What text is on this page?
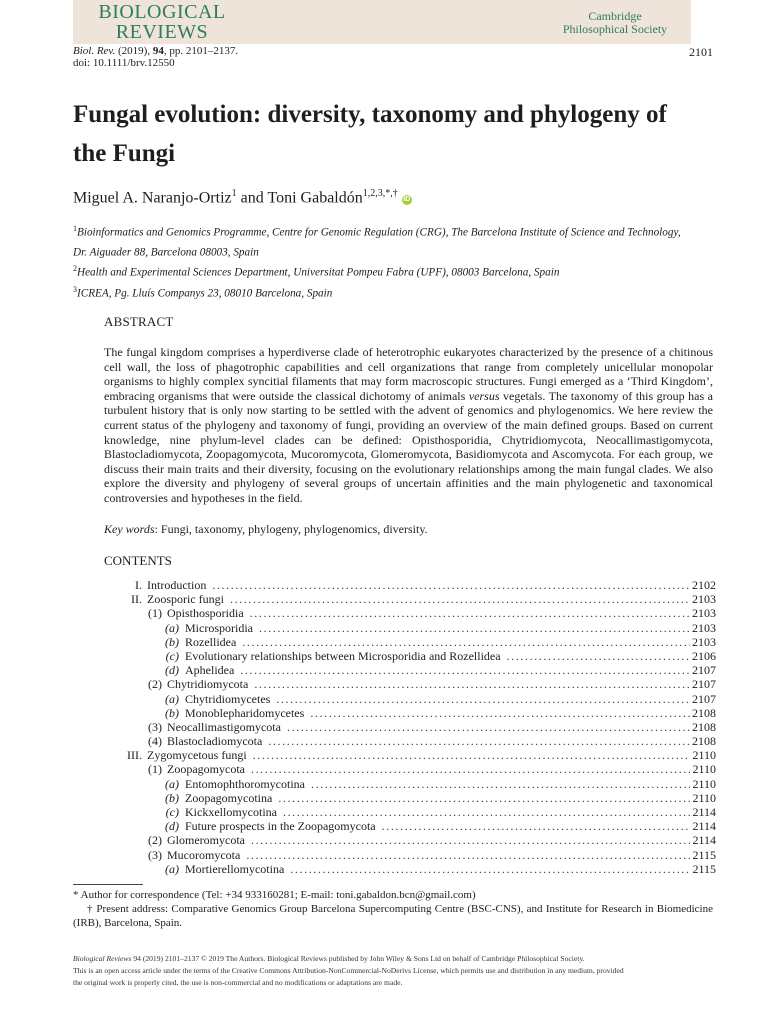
BIOLOGICAL
REVIEWS
Cambridge
Philosophical Society
Biol. Rev. (2019), 94, pp. 2101–2137.
doi: 10.1111/brv.12550
2101
Fungal evolution: diversity, taxonomy and phylogeny of the Fungi
Miguel A. Naranjo-Ortiz$^1$ and Toni Gabaldón$^{1,2,3,*,\dagger}$ iD
$^1$Bioinformatics and Genomics Programme, Centre for Genomic Regulation (CRG), The Barcelona Institute of Science and Technology,
Dr. Aiguader 88, Barcelona 08003, Spain
$^2$Health and Experimental Sciences Department, Universitat Pompeu Fabra (UPF), 08003 Barcelona, Spain
$^3$ICREA, Pg. Lluís Companys 23, 08010 Barcelona, Spain
ABSTRACT

The fungal kingdom comprises a hyperdiverse clade of heterotrophic eukaryotes characterized by the presence of a chitinous cell wall, the loss of phagotrophic capabilities and cell organizations that range from completely unicellular monopolar organisms to highly complex syncitial filaments that may form macroscopic structures. Fungi emerged as a ‘Third Kingdom’, embracing organisms that were outside the classical dichotomy of animals versus vegetals. The taxonomy of this group has a turbulent history that is only now starting to be settled with the advent of genomics and phylogenomics. We here review the current status of the phylogeny and taxonomy of fungi, providing an overview of the main defined groups. Based on current knowledge, nine phylum-level clades can be defined: Opisthosporidia, Chytridiomycota, Neocallimastigomycota, Blastocladiomycota, Zoopagomycota, Mucoromycota, Glomeromycota, Basidiomycota and Ascomycota. For each group, we discuss their main traits and their diversity, focusing on the evolutionary relationships among the main fungal clades. We also explore the diversity and phylogeny of several groups of uncertain affinities and the main phylogenetic and taxonomical controversies and hypotheses in the field.

Key words: Fungi, taxonomy, phylogeny, phylogenomics, diversity.
CONTENTS
I. Introduction .....	2102
II. Zoosporic fungi .....	2103
(1) Opisthosporidia .....	2103
(a) Microsporidia .....	2103
(b) Rozellidea .....	2103
(c) Evolutionary relationships between Microsporidia and Rozellidea .....	2106
(d) Aphelidea .....	2107
(2) Chytridiomycota .....	2107
(a) Chytridiomycetes .....	2107
(b) Monoblepharidomycetes .....	2108
(3) Neocallimastigomycota .....	2108
(4) Blastocladiomycota .....	2108
III. Zygomycetous fungi .....	2110
(1) Zoopagomycota .....	2110
(a) Entomophthoromycotina .....	2110
(b) Zoopagomycotina .....	2110
(c) Kickxellomycotina .....	2114
(d) Future prospects in the Zoopagomycota .....	2114
(2) Glomeromycota .....	2114
(3) Mucoromycota .....	2115
(a) Mortierellomycotina .....	2115
* Author for correspondence (Tel: +34 933160281; E-mail: toni.gabaldon.bcn@gmail.com)
† Present address: Comparative Genomics Group Barcelona Supercomputing Centre (BSC-CNS), and Institute for Research in Biomedicine (IRB), Barcelona, Spain.
Biological Reviews 94 (2019) 2101–2137 © 2019 The Authors. Biological Reviews published by John Wiley & Sons Ltd on behalf of Cambridge Philosophical Society.
This is an open access article under the terms of the Creative Commons Attribution-NonCommercial-NoDerivs License, which permits use and distribution in any medium, provided
the original work is properly cited, the use is non-commercial and no modifications or adaptations are made.
